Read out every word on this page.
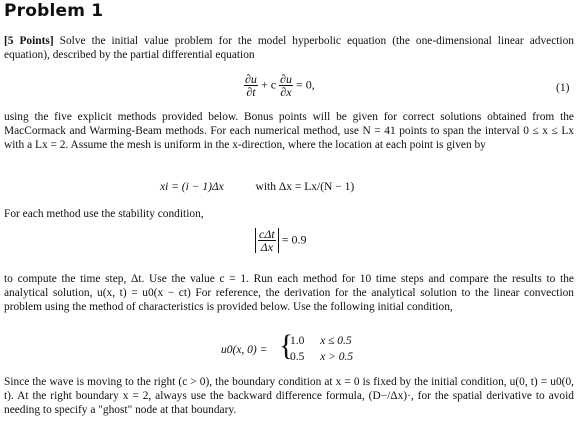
Problem 1
[5 Points] Solve the initial value problem for the model hyperbolic equation (the one-dimensional linear advection equation), described by the partial differential equation
$\frac{\partial u}{\partial t} + c \frac{\partial u}{\partial x} = 0$,	(1)
using the five explicit methods provided below. Bonus points will be given for correct solutions obtained from the MacCormack and Warming-Beam methods. For each numerical method, use N = 41 points to span the interval 0 ≤ x ≤ Lx with a Lx = 2. Assume the mesh is uniform in the x-direction, where the location at each point is given by
xi = (i − 1)Δx	with Δx = Lx/(N − 1)
For each method use the stability condition,
$\frac{\text{cΔt}}{\Delta x} = 0.9$
to compute the time step, Δt. Use the value c = 1. Run each method for 10 time steps and compare the results to the analytical solution, u(x, t) = u0(x − ct) For reference, the derivation for the analytical solution to the linear convection problem using the method of characteristics is provided below. Use the following initial condition,
u0(x, 0) = {
1.0 x ≤ 0.5
0.5 x > 0.5
Since the wave is moving to the right (c > 0), the boundary condition at x = 0 is fixed by the initial condition, u(0, t) = u0(0, t). At the right boundary x = 2, always use the backward difference formula, (D−/Δx)·, for the spatial derivative to avoid needing to specify a "ghost" node at that boundary.
